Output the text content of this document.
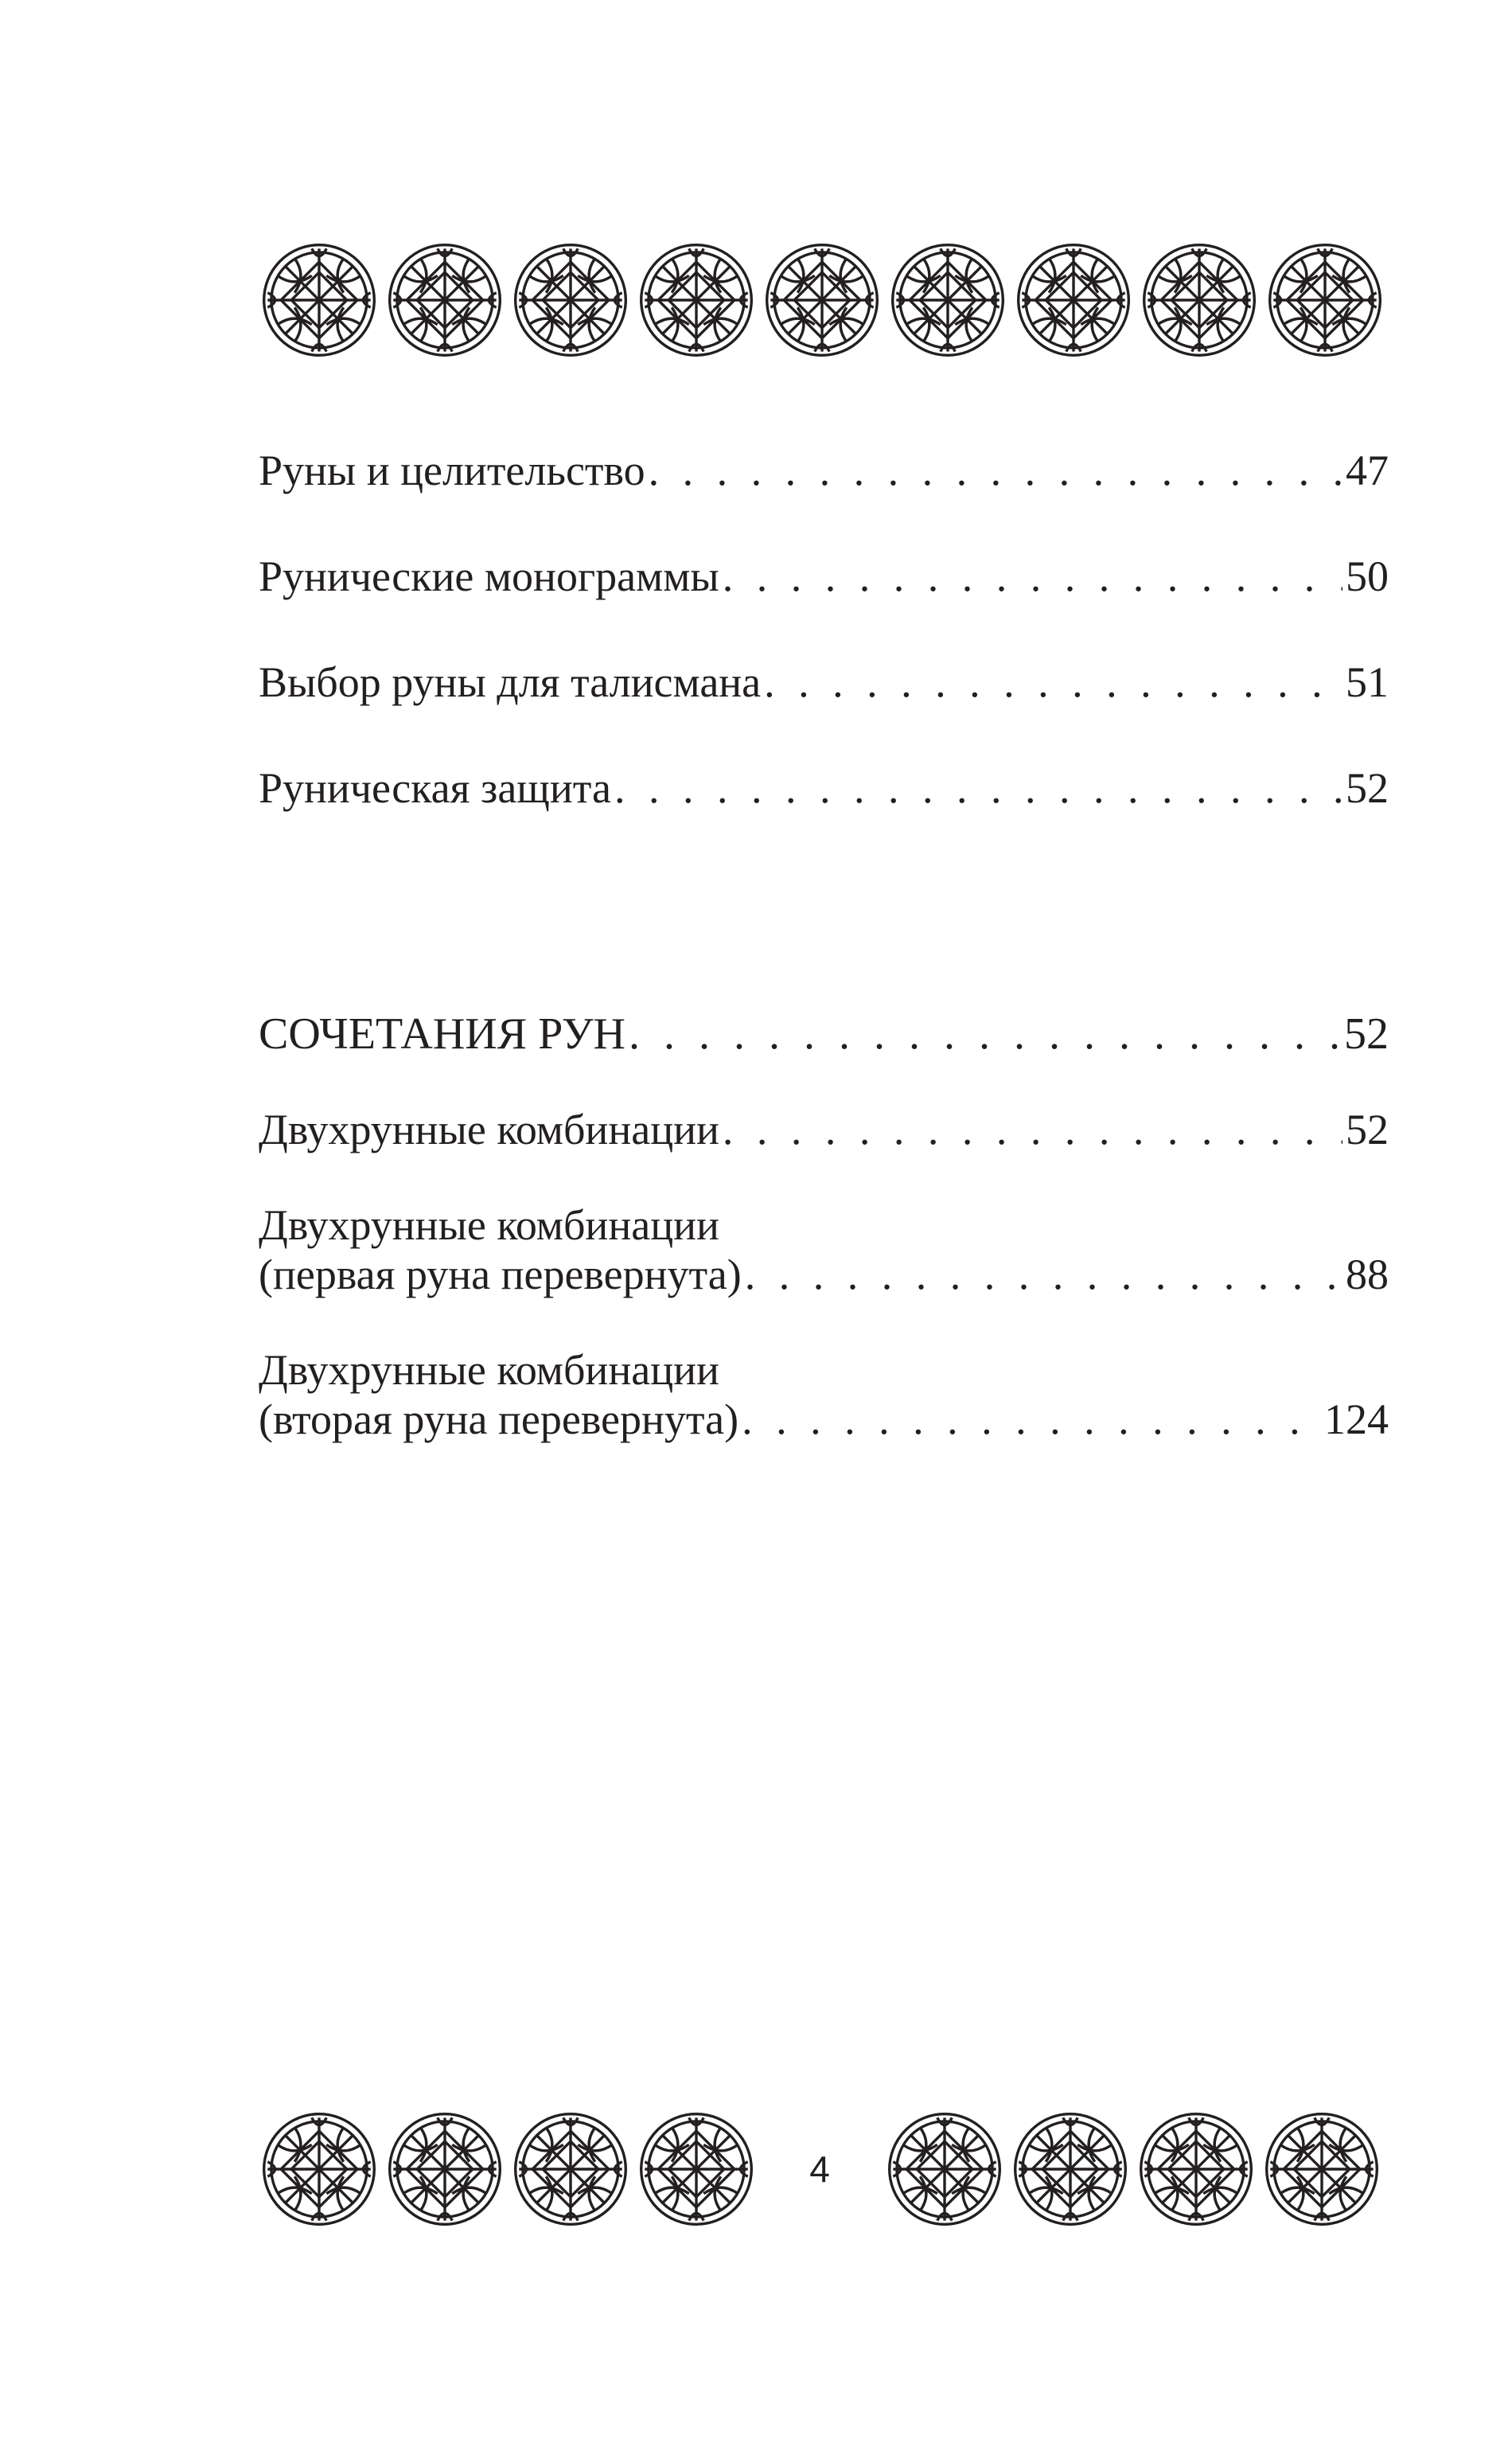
Руны и целительство . . .	47
Рунические монограммы . . .	50
Выбор руны для талисмана . . .	51
Руническая защита . . .	52
СОЧЕТАНИЯ РУН . . .	52
Двухрунные комбинации . . .	52
Двухрунные комбинации
(первая руна перевернута) . . .	88
Двухрунные комбинации
(вторая руна перевернута) . . .	124
4
